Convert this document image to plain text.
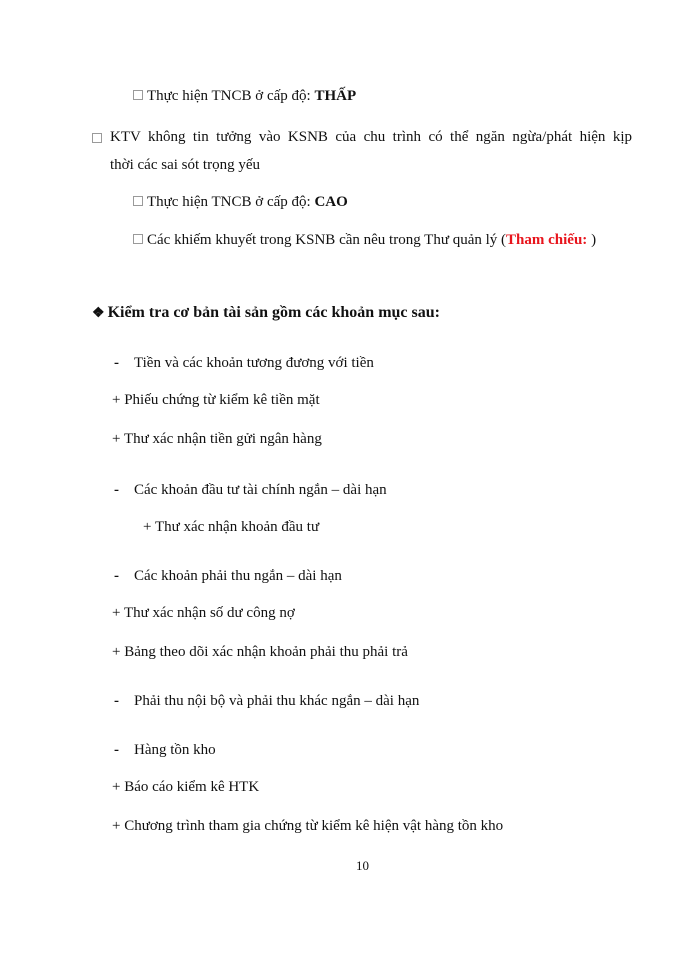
Thực hiện TNCB ở cấp độ: THẤP
KTV không tin tưởng vào KSNB của chu trình có thể ngăn ngừa/phát hiện kịp
thời các sai sót trọng yếu
Thực hiện TNCB ở cấp độ: CAO
Các khiếm khuyết trong KSNB cần nêu trong Thư quản lý (Tham chiếu: )
❖ Kiểm tra cơ bản tài sản gồm các khoản mục sau:
- Tiền và các khoản tương đương với tiền
+ Phiếu chứng từ kiểm kê tiền mặt
+ Thư xác nhận tiền gửi ngân hàng
- Các khoản đầu tư tài chính ngắn – dài hạn
+ Thư xác nhận khoản đầu tư
- Các khoản phải thu ngắn – dài hạn
+ Thư xác nhận số dư công nợ
+ Bảng theo dõi xác nhận khoản phải thu phải trả
- Phải thu nội bộ và phải thu khác ngắn – dài hạn
- Hàng tồn kho
+ Báo cáo kiểm kê HTK
+ Chương trình tham gia chứng từ kiểm kê hiện vật hàng tồn kho
10
